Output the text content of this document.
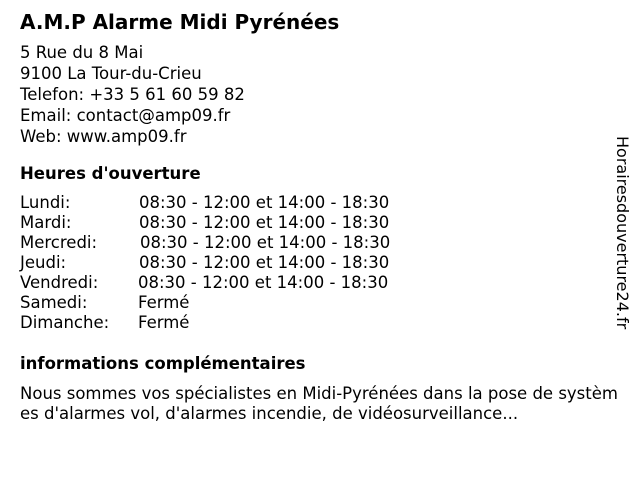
A.M.P Alarme Midi Pyrénées
5 Rue du 8 Mai
9100 La Tour-du-Crieu
Telefon: +33 5 61 60 59 82
Email: contact@amp09.fr
Web: www.amp09.fr
Heures d'ouverture
Lundi:	08:30 - 12:00 et 14:00 - 18:30
Mardi:	08:30 - 12:00 et 14:00 - 18:30
Mercredi:	08:30 - 12:00 et 14:00 - 18:30
Jeudi:	08:30 - 12:00 et 14:00 - 18:30
Vendredi: 08:30 - 12:00 et 14:00 - 18:30
Samedi:	Fermé
Dimanche: Fermé
informations complémentaires
Nous sommes vos spécialistes en Midi-Pyrénées dans la pose de systèmes d'alarmes vol, d'alarmes incendie, de vidéosurveillance...
Horairesdouverture24.fr
